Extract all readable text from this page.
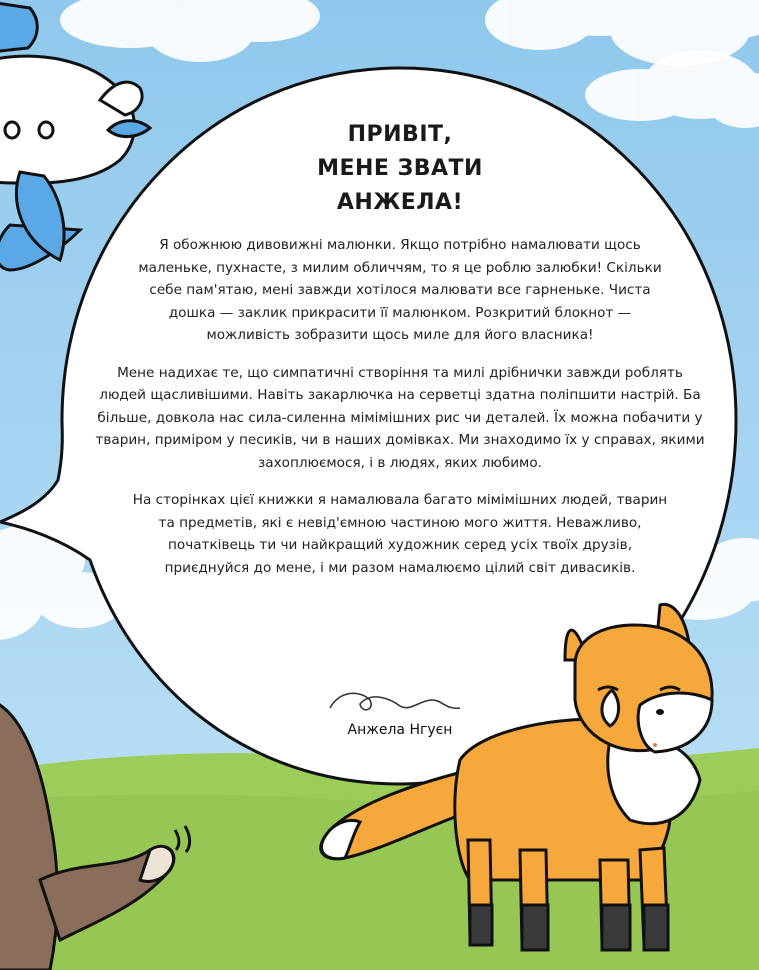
ПРИВІТ,
МЕНЕ ЗВАТИ
АНЖЕЛА!

Я обожнюю дивовижні малюнки. Якщо потрібно намалювати щось маленьке, пухнасте, з милим обличчям, то я це роблю залюбки! Скільки себе пам'ятаю, мені завжди хотілося малювати все гарненьке. Чиста дошка — заклик прикрасити її малюнком. Розкритий блокнот — можливість зобразити щось миле для його власника!

Мене надихає те, що симпатичні створіння та милі дрібнички завжди роблять людей щасливішими. Навіть закарлючка на серветці здатна поліпшити настрій. Ба більше, довкола нас сила-силенна мімімішних рис чи деталей. Їх можна побачити у тварин, приміром у песиків, чи в наших домівках. Ми знаходимо їх у справах, якими захоплюємося, і в людях, яких любимо.

На сторінках цієї книжки я намалювала багато мімімішних людей, тварин та предметів, які є невід'ємною частиною мого життя. Неважливо, початківець ти чи найкращий художник серед усіх твоїх друзів, приєднуйся до мене, і ми разом намалюємо цілий світ дивасиків.

Анжела Нгуєн
